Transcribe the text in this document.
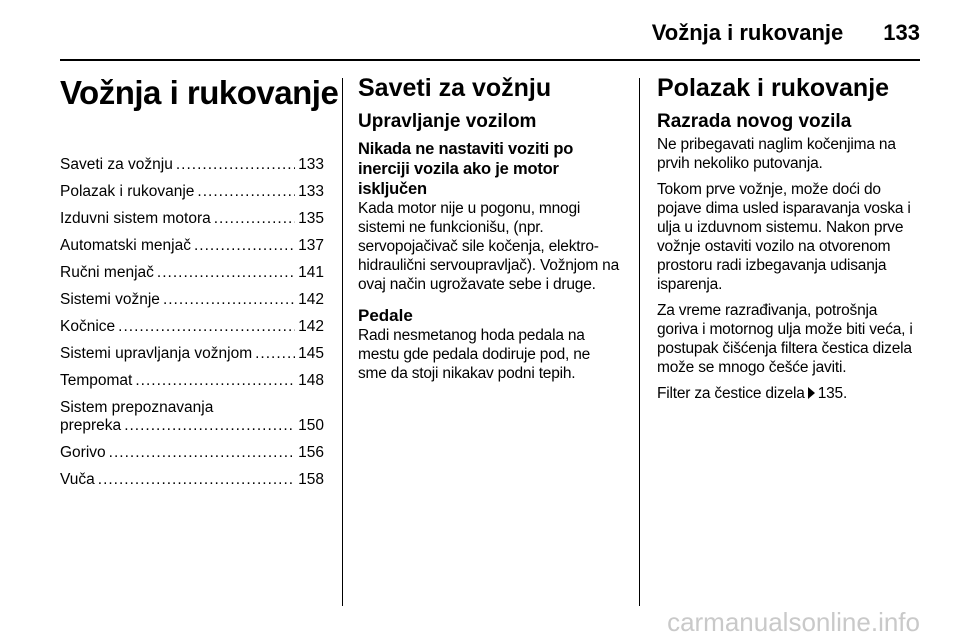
Vožnja i rukovanje 133
Vožnja i rukovanje
Saveti za vožnju .....	133
Polazak i rukovanje .....	133
Izduvni sistem motora .....	135
Automatski menjač .....	137
Ručni menjač .....	141
Sistemi vožnje .....	142
Kočnice .....	142
Sistemi upravljanja vožnjom .....	145
Tempomat .....	148
Sistem prepoznavanja
prepreka .....	150
Gorivo .....	156
Vuča .....	158
Saveti za vožnju
Upravljanje vozilom

Nikada ne nastaviti voziti po inerciji vozila ako je motor isključen

Kada motor nije u pogonu, mnogi sistemi ne funkcionišu, (npr. servopojačivač sile kočenja, elektro-hidraulični servoupravljač). Vožnjom na ovaj način ugrožavate sebe i druge.

Pedale

Radi nesmetanog hoda pedala na mestu gde pedala dodiruje pod, ne sme da stoji nikakav podni tepih.

Polazak i rukovanje
Razrada novog vozila

Ne pribegavati naglim kočenjima na prvih nekoliko putovanja.

Tokom prve vožnje, može doći do pojave dima usled isparavanja voska i ulja u izduvnom sistemu. Nakon prve vožnje ostaviti vozilo na otvorenom prostoru radi izbegavanja udisanja isparenja.

Za vreme razrađivanja, potrošnja goriva i motornog ulja može biti veća, i postupak čišćenja filtera čestica dizela može se mnogo češće javiti.

Filter za čestice dizela 135.

carmanualsonline.info
